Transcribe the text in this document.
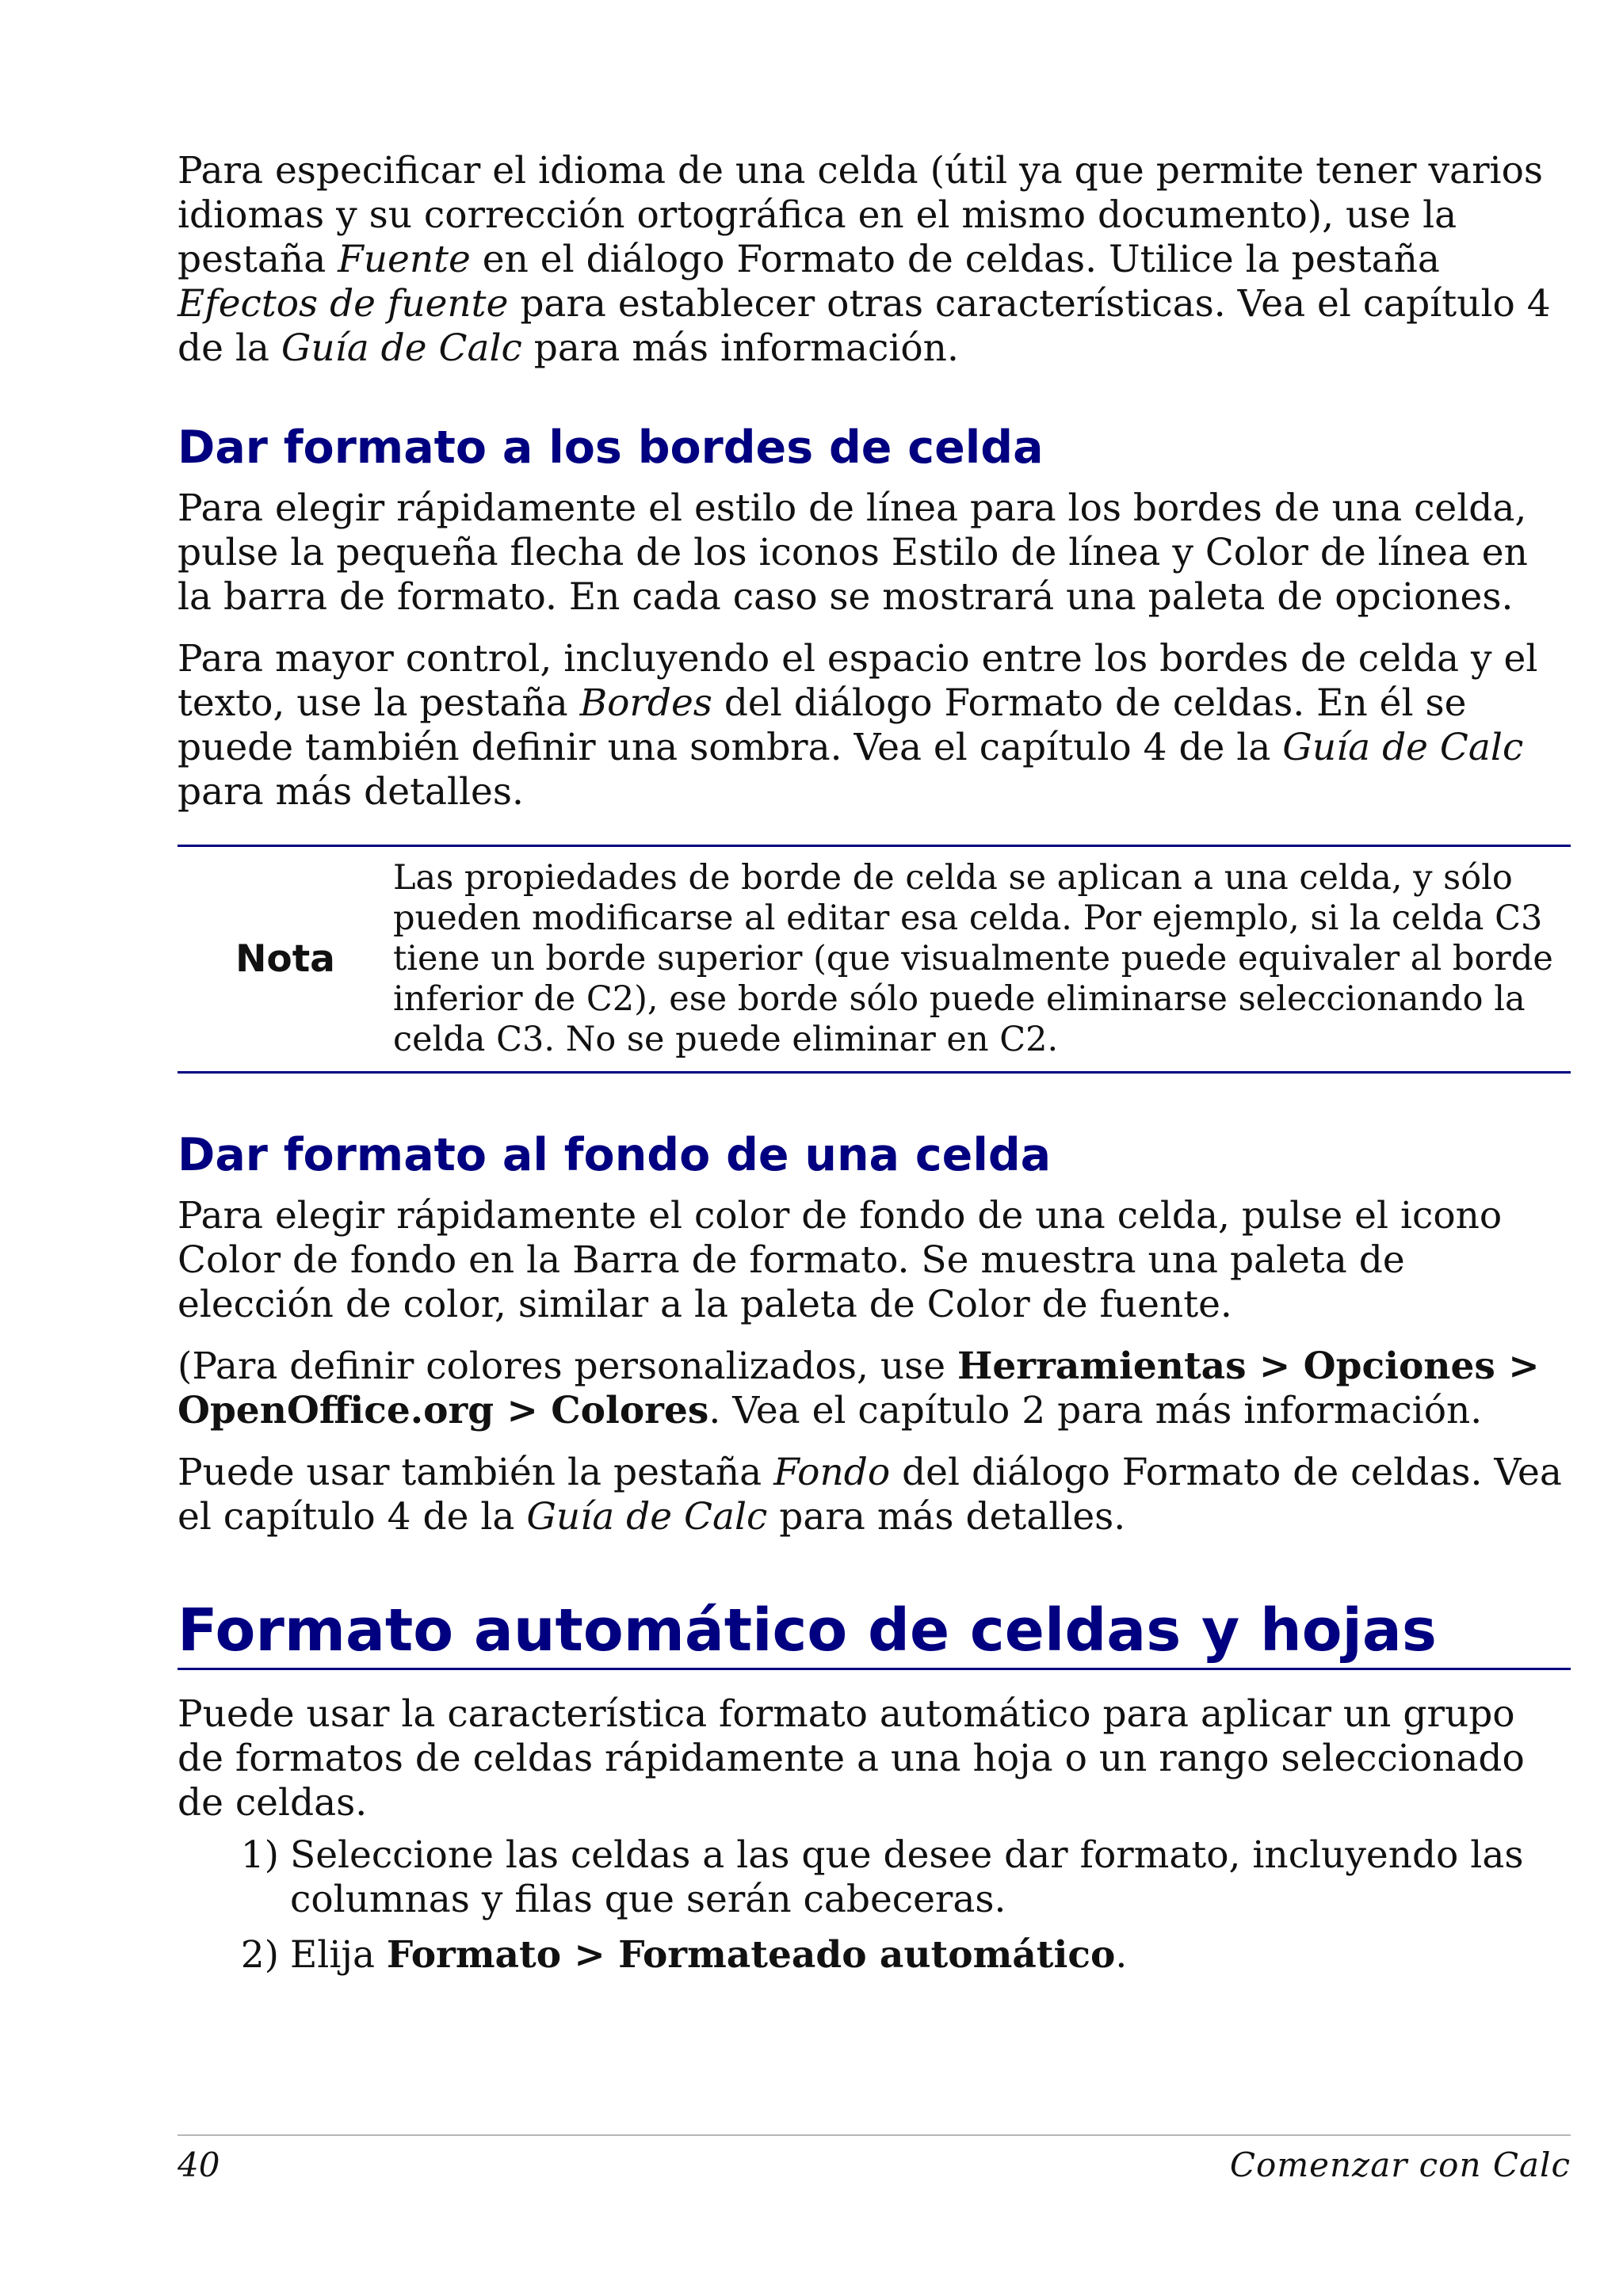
Para especificar el idioma de una celda (útil ya que permite tener varios idiomas y su corrección ortográfica en el mismo documento), use la pestaña Fuente en el diálogo Formato de celdas. Utilice la pestaña Efectos de fuente para establecer otras características. Vea el capítulo 4 de la Guía de Calc para más información.

Dar formato a los bordes de celda

Para elegir rápidamente el estilo de línea para los bordes de una celda, pulse la pequeña flecha de los iconos Estilo de línea y Color de línea en la barra de formato. En cada caso se mostrará una paleta de opciones.

Para mayor control, incluyendo el espacio entre los bordes de celda y el texto, use la pestaña Bordes del diálogo Formato de celdas. En él se puede también definir una sombra. Vea el capítulo 4 de la Guía de Calc para más detalles.

Nota
Las propiedades de borde de celda se aplican a una celda, y sólo pueden modificarse al editar esa celda. Por ejemplo, si la celda C3 tiene un borde superior (que visualmente puede equivaler al borde inferior de C2), ese borde sólo puede eliminarse seleccionando la celda C3. No se puede eliminar en C2.
Dar formato al fondo de una celda

Para elegir rápidamente el color de fondo de una celda, pulse el icono Color de fondo en la Barra de formato. Se muestra una paleta de elección de color, similar a la paleta de Color de fuente.

(Para definir colores personalizados, use Herramientas > Opciones > OpenOffice.org > Colores. Vea el capítulo 2 para más información.

Puede usar también la pestaña Fondo del diálogo Formato de celdas. Vea el capítulo 4 de la Guía de Calc para más detalles.

Formato automático de celdas y hojas

Puede usar la característica formato automático para aplicar un grupo de formatos de celdas rápidamente a una hoja o un rango seleccionado de celdas.

1) Seleccione las celdas a las que desee dar formato, incluyendo las columnas y filas que serán cabeceras.
2) Elija Formato > Formateado automático.
40	Comenzar con Calc
